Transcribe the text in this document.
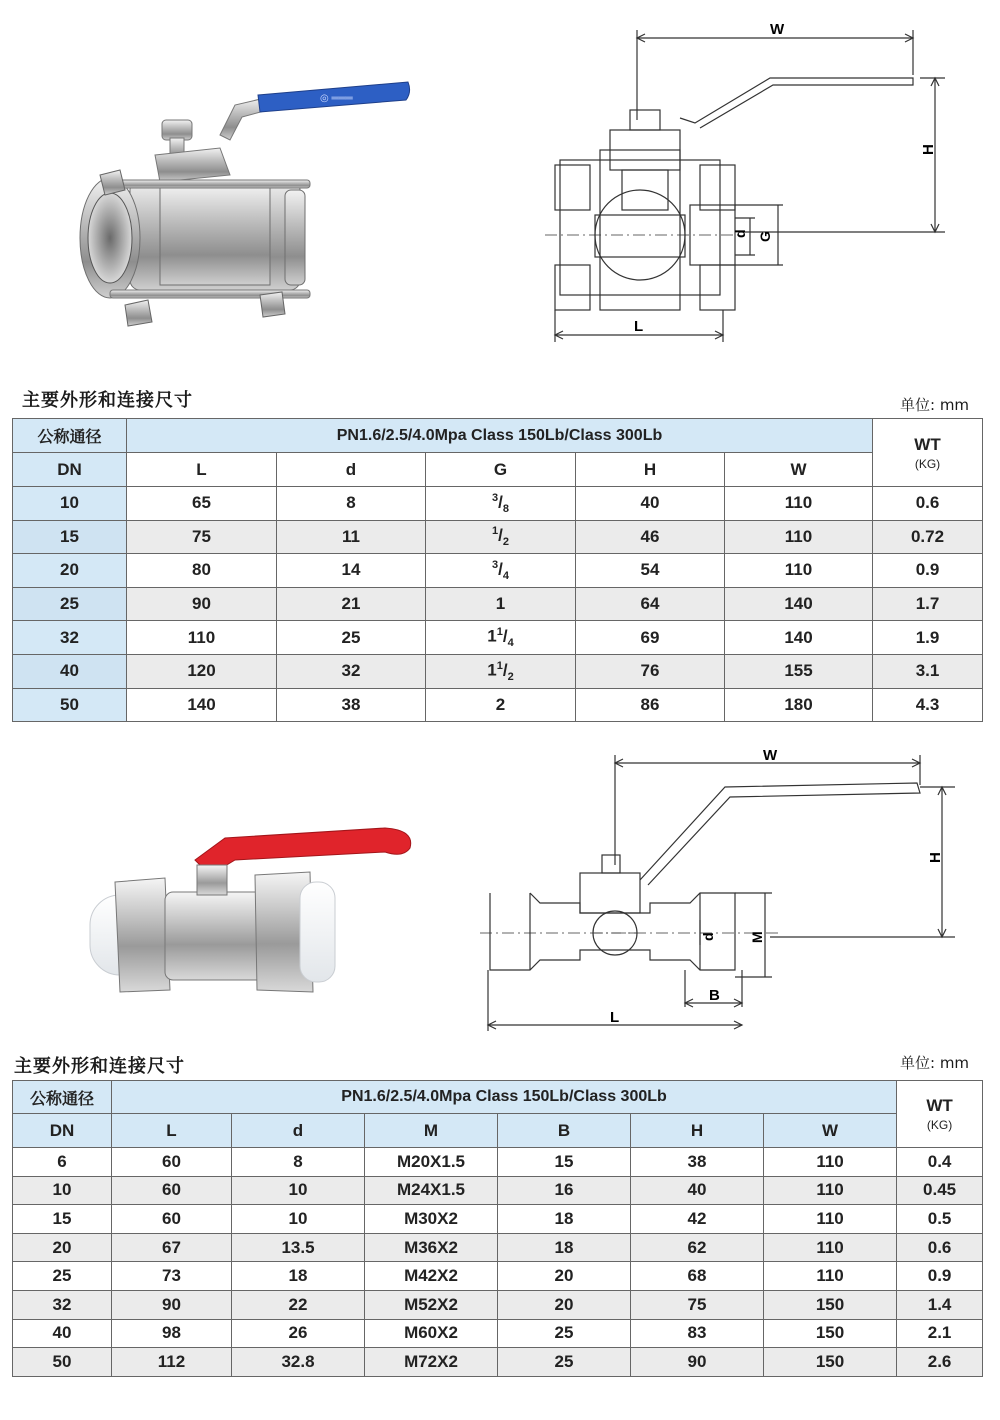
◎ ═══
W
H
d G
L
主要外形和连接尺寸	单位: mm
公称通径	PN1.6/2.5/4.0Mpa Class 150Lb/Class 300Lb					WT
(KG)

DN	L	d	G	H	W	
10	65	8	$^3/_8$	40	110	0.6
15	75	11	$^1/_2$	46	110	0.72
20	80	14	$^3/_4$	54	110	0.9
25	90	21	1	64	140	1.7
32	110	25	$1^1/_4$	69	140	1.9
40	120	32	$1^1/_2$	76	155	3.1
50	140	38	2	86	180	4.3
W
H
d M
B
L
主要外形和连接尺寸	单位: mm
公称通径	PN1.6/2.5/4.0Mpa Class 150Lb/Class 300Lb						WT
(KG)

DN	L	d	M	B	H	W	
6	60	8	M20X1.5	15	38	110	0.4
10	60	10	M24X1.5	16	40	110	0.45
15	60	10	M30X2	18	42	110	0.5
20	67	13.5	M36X2	18	62	110	0.6
25	73	18	M42X2	20	68	110	0.9
32	90	22	M52X2	20	75	150	1.4
40	98	26	M60X2	25	83	150	2.1
50	112	32.8	M72X2	25	90	150	2.6
